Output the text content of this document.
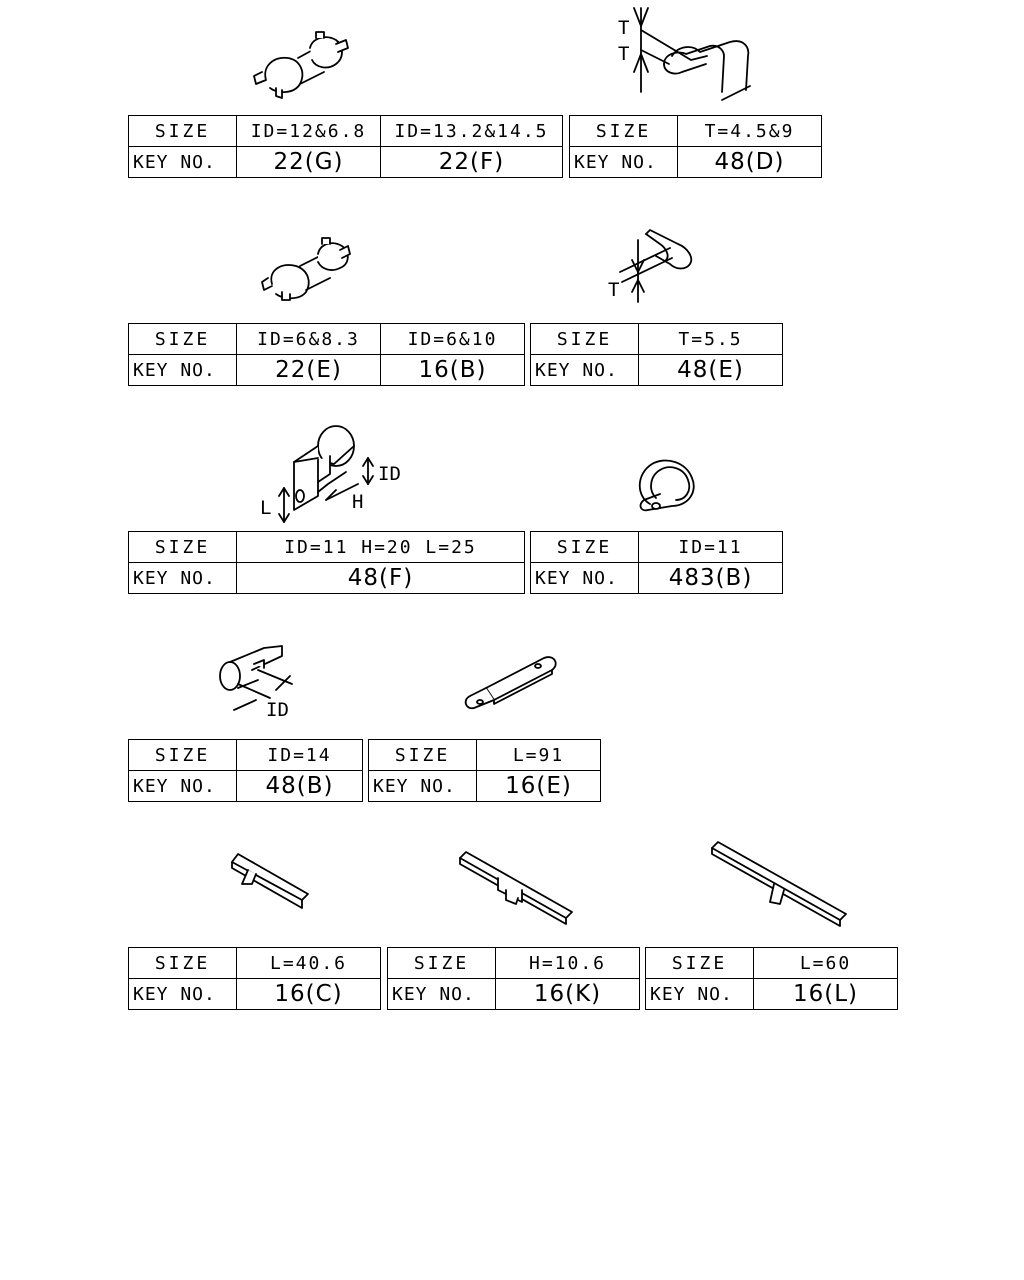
T
T
T
ID
H
L
ID
SIZE	ID=12&6.8	ID=13.2&14.5
KEY NO.	22(G)	22(F)
SIZE	T=4.5&9
KEY NO.	48(D)
SIZE	ID=6&8.3	ID=6&10
KEY NO.	22(E)	16(B)
SIZE	T=5.5
KEY NO.	48(E)
SIZE	ID=11 H=20 L=25
KEY NO.	48(F)
SIZE	ID=11
KEY NO.	483(B)
SIZE	ID=14
KEY NO.	48(B)
SIZE	L=91
KEY NO.	16(E)
SIZE	L=40.6
KEY NO.	16(C)
SIZE	H=10.6
KEY NO.	16(K)
SIZE	L=60
KEY NO.	16(L)
